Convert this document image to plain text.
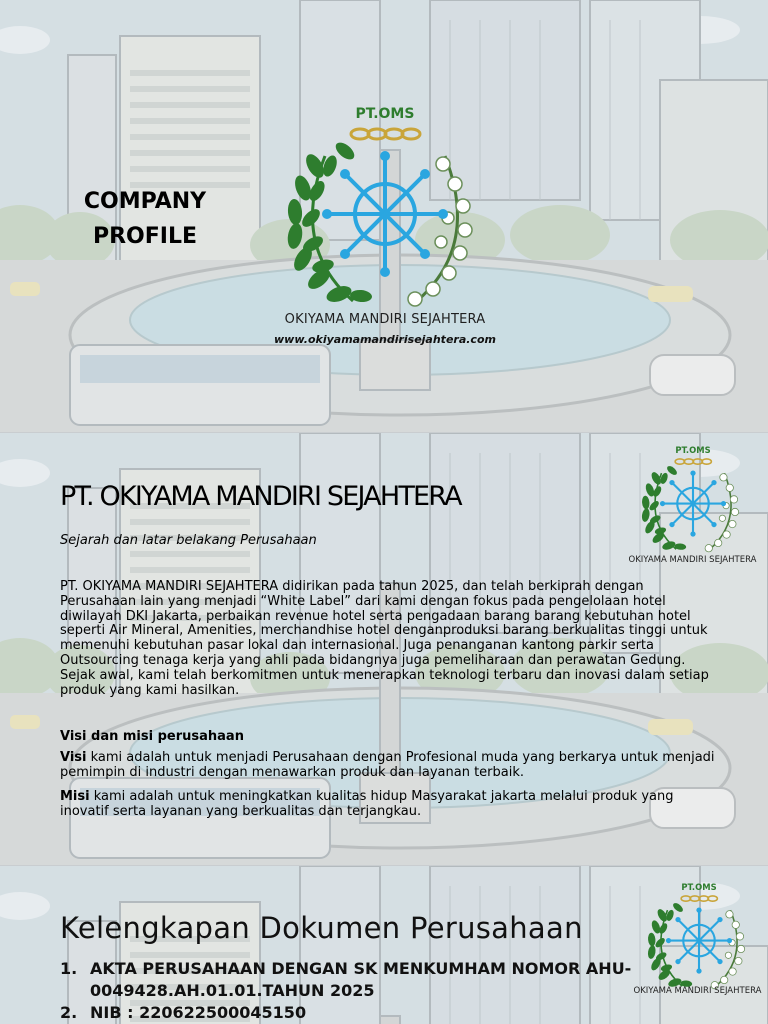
COMPANY
PROFILE
PT.OMS
OKIYAMA MANDIRI SEJAHTERA
www.okiyamamandirisejahtera.com
PT.OMS
OKIYAMA MANDIRI SEJAHTERA
PT. OKIYAMA MANDIRI SEJAHTERA
Sejarah dan latar belakang Perusahaan
PT. OKIYAMA MANDIRI SEJAHTERA didirikan pada tahun 2025, dan telah berkiprah dengan Perusahaan lain yang menjadi “White Label” dari kami dengan fokus pada pengelolaan hotel diwilayah DKI Jakarta, perbaikan revenue hotel serta pengadaan barang barang kebutuhan hotel seperti Air Mineral, Amenities, merchandhise hotel denganproduksi barang berkualitas tinggi untuk memenuhi kebutuhan pasar lokal dan internasional. Juga penanganan kantong parkir serta Outsourcing tenaga kerja yang ahli pada bidangnya juga pemeliharaan dan perawatan Gedung. Sejak awal, kami telah berkomitmen untuk menerapkan teknologi terbaru dan inovasi dalam setiap produk yang kami hasilkan.
Visi dan misi perusahaan
Visi kami adalah untuk menjadi Perusahaan dengan Profesional muda yang berkarya untuk menjadi pemimpin di industri dengan menawarkan produk dan layanan terbaik.
Misi kami adalah untuk meningkatkan kualitas hidup Masyarakat jakarta melalui produk yang inovatif serta layanan yang berkualitas dan terjangkau.
PT.OMS
OKIYAMA MANDIRI SEJAHTERA
Kelengkapan Dokumen Perusahaan
1. AKTA PERUSAHAAN DENGAN SK MENKUMHAM NOMOR AHU-0049428.AH.01.01.TAHUN 2025
2. NIB : 220622500045150
